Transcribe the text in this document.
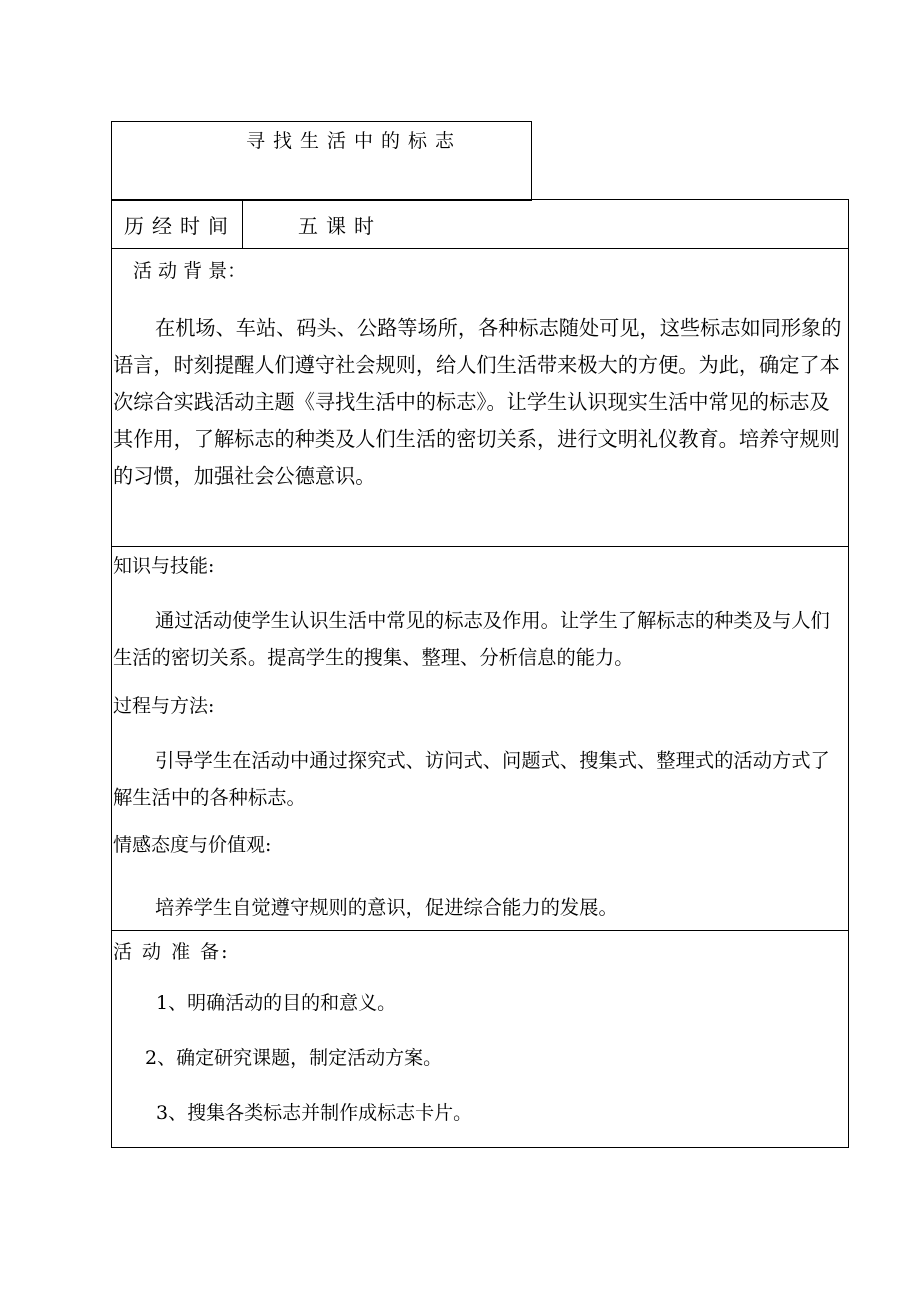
寻找生活中的标志
历经时间	五课时
活 动 背 景：
在机场、车站、码头、公路等场所，各种标志随处可见，这些标志如同形象的语言，时刻提醒人们遵守社会规则，给人们生活带来极大的方便。为此，确定了本次综合实践活动主题《寻找生活中的标志》。让学生认识现实生活中常见的标志及其作用，了解标志的种类及人们生活的密切关系，进行文明礼仪教育。培养守规则的习惯，加强社会公德意识。
知识与技能:
通过活动使学生认识生活中常见的标志及作用。让学生了解标志的种类及与人们生活的密切关系。提高学生的搜集、整理、分析信息的能力。
过程与方法:
引导学生在活动中通过探究式、访问式、问题式、搜集式、整理式的活动方式了解生活中的各种标志。
情感态度与价值观:
培养学生自觉遵守规则的意识，促进综合能力的发展。
活 动 准 备:
1、明确活动的目的和意义。
2、确定研究课题，制定活动方案。
3、搜集各类标志并制作成标志卡片。
